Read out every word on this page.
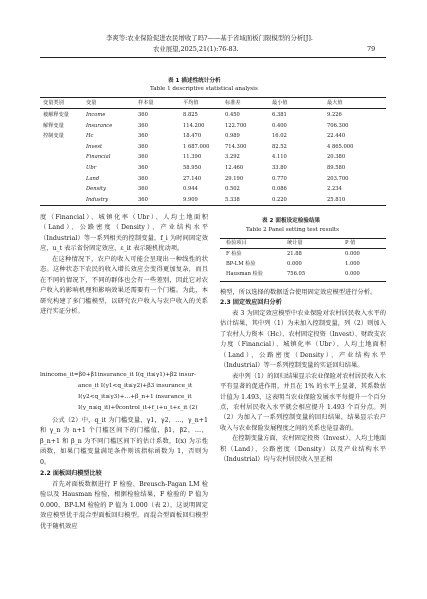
李爽等:农业保险促进农民增收了吗?——基于省域面板门限模型的分析[J].
农业展望,2025,21(1):76-83.	79
表 1 描述性统计分析
Table 1 descriptive statistical analysis
变量类别	变量	样本量	平均值	标准差	最小值	最大值
被解释变量	Income	360	8.825	0.450	6.381	9.226
解释变量	Insurance	360	114.200	122.700	0.400	706.300
控制变量	Hc	360	18.470	0.989	16.02	22.440
Invest	360	1 687.000	714.300	82.52	4 865.000
Financial	360	11.390	3.292	4.110	20.380
Ubr	360	58.950	12.460	33.80	89.580
Land	360	27.140	29.190	0.770	203.700
Density	360	0.944	0.502	0.086	2.234
Industry	360	9.909	5.338	0.220	25.810

度（Financial）、城镇化率（Ubr）、人均土地面积（Land）、公路密度（Density）、产业结构水平（Industrial）等一系列相关的控制变量，f_i 为时间固定效应，u_t 表示省份固定效应，ε_it 表示随机扰动项。

在这种情况下，农户的收入可能会呈现出一种线性的状态。这种状态下农民的收入增长效应会变得更加复杂，而且在不同的情况下，不同的群体也会有一些差别，因此它对农户收入的影响机理和影响效果还需要有一个门槛。为此，本研究构建了多门槛模型，以研究农户收入与农户收入的关系进行实证分析。

lnincome_it=β0+β1insurance_it I(q_it≤γ1)+β2 insur-
ance_it I(γ1<q_it≤γ2)+β3 insurance_it
I(γ2<q_it≤γ3)+…+β_n+1 insurance_it
I(γ_n≤q_it)+θcontrol_it+f_i+u_t+ε_it (2)

公式（2）中，q_it 为门槛变量，γ1，γ2，…，γ_n+1 和 γ_n 为 n+1 个门槛区间下的门槛值，β1，β2，…，β_n+1 和 β_n 为不同门槛区间下的估计系数，I(x) 为示性函数，如果门槛变量满足条件则该指标函数为 1，否则为 0。

2.2 面板回归模型比较

首先对面板数据进行 F 检验、Breusch-Pagan LM 检验以及 Hausman 检验，根据检验结果，F 检验的 P 值为 0.000，BP-LM 检验的 P 值为 1.000（表 2），这说明固定效应模型优于混合型面板回归模型，而混合型面板回归模型优于随机效应

表 2 面板设定检验结果
Table 2 Panel setting test results
检验项目	统计量	P 值
F 检验	21.88	0.000
BP-LM 检验	0.000	1.000
Hausman 检验	756.05	0.000

模型，所以选择的数据适合使用固定效应模型进行分析。

2.3 固定效应回归分析

表 3 为固定效应模型中农业保险对农村居民收入水平的估计结果，其中列（1）为未加入控制变量，列（2）则加入了农村人力资本（Hc）、农村固定投资（Invest）、财政支农力度（Financial）、城镇化率（Ubr）、人均土地面积（Land）、公路密度（Density）、产业结构水平（Industrial）等一系列控制变量的实证回归结果。

表中列（1）的回归结果显示农业保险对农村居民收入水平有显著的促进作用，并且在 1% 的水平上显著，其系数估计值为 1.493，这表明当农业保险发展水平每提升一个百分点，农村居民收入水平就会相应提升 1.493 个百分点。列（2）为加入了一系列控制变量的回归结果，结果显示农户收入与农业保险发展程度之间的关系也是显著的。

在控制变量方面，农村固定投资（Invest）、人均土地面积（Land）、公路密度（Density）以及产业结构水平（Industrial）均与农村居民收入呈正相
